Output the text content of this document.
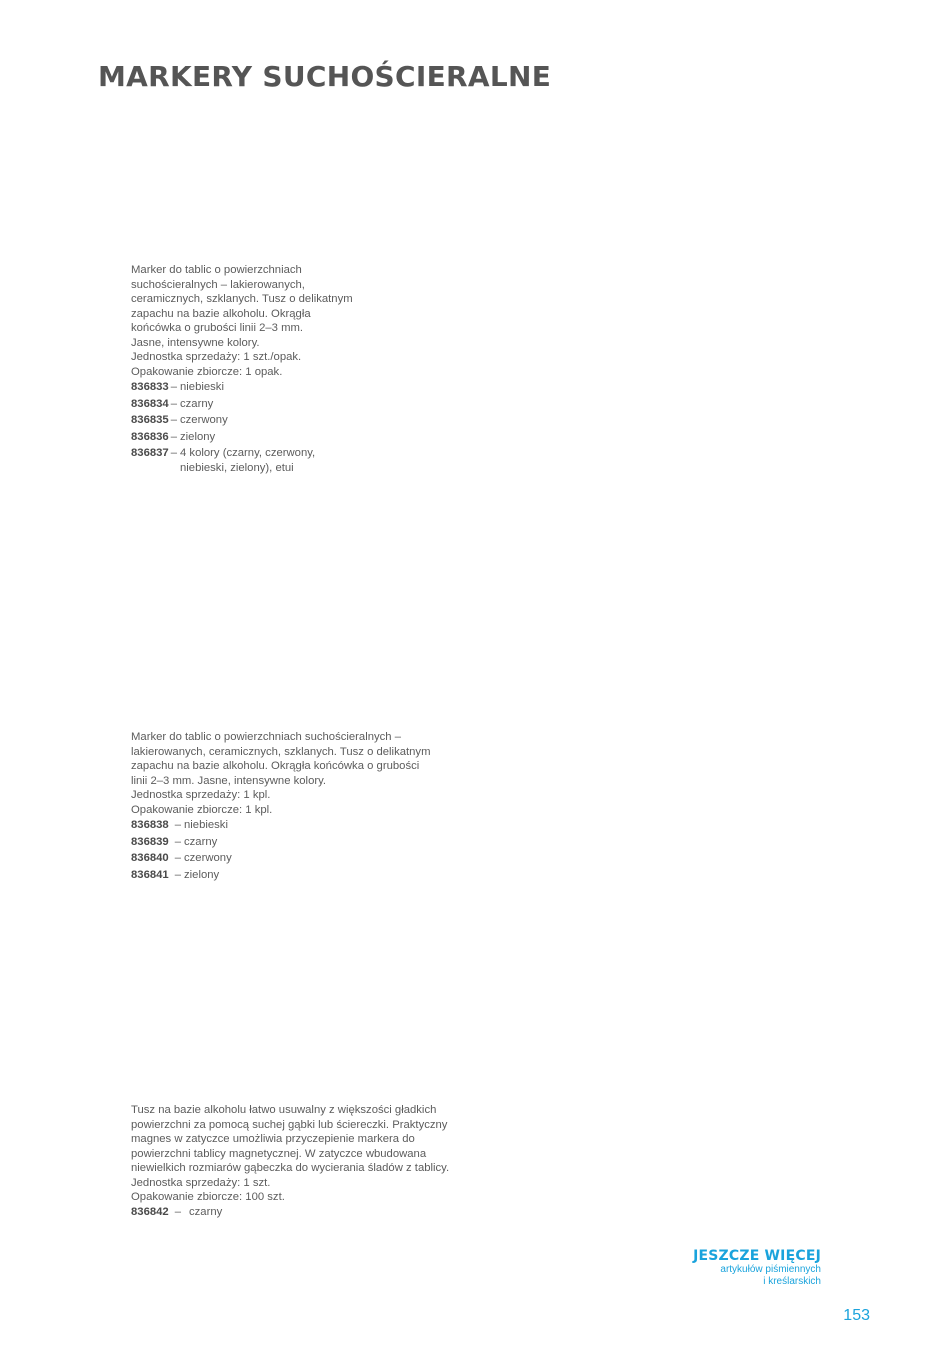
MARKERY SUCHOŚCIERALNE

Marker do tablic o powierzchniach
suchościeralnych – lakierowanych,
ceramicznych, szklanych. Tusz o delikatnym
zapachu na bazie alkoholu. Okrągła
końcówka o grubości linii 2–3 mm.
Jasne, intensywne kolory.
Jednostka sprzedaży: 1 szt./opak.
Opakowanie zbiorcze: 1 opak.

836833 – niebieski
836834 – czarny
836835 – czerwony
836836 – zielony
836837 – 4 kolory (czarny, czerwony,
niebieski, zielony), etui

Marker do tablic o powierzchniach suchościeralnych –
lakierowanych, ceramicznych, szklanych. Tusz o delikatnym
zapachu na bazie alkoholu. Okrągła końcówka o grubości
linii 2–3 mm. Jasne, intensywne kolory.
Jednostka sprzedaży: 1 kpl.
Opakowanie zbiorcze: 1 kpl.

836838 – niebieski
836839 – czarny
836840 – czerwony
836841 – zielony

Tusz na bazie alkoholu łatwo usuwalny z większości gładkich
powierzchni za pomocą suchej gąbki lub ściereczki. Praktyczny
magnes w zatyczce umożliwia przyczepienie markera do
powierzchni tablicy magnetycznej. W zatyczce wbudowana
niewielkich rozmiarów gąbeczka do wycierania śladów z tablicy.
Jednostka sprzedaży: 1 szt.
Opakowanie zbiorcze: 100 szt.

836842 – czarny
JESZCZE WIĘCEJ
artykułów piśmiennych
i kreślarskich
153
